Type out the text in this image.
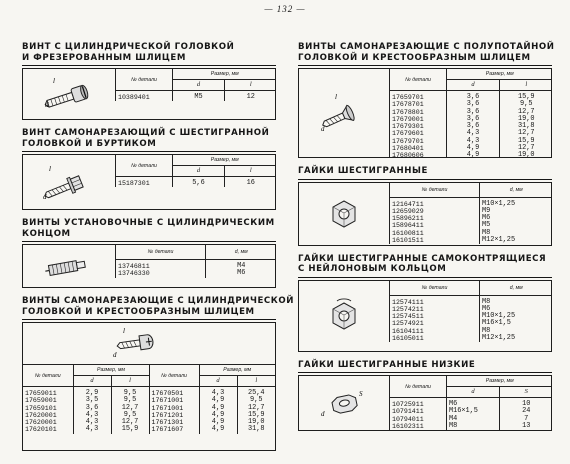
— 132 —
ВИНТ С ЦИЛИНДРИЧЕСКОЙ ГОЛОВКОЙ
И ФРЕЗЕРОВАННЫМ ШЛИЦЕМ
l
d
№ детали	Размер, мм	
	d	l

10389401	M5	12
ВИНТ САМОНАРЕЗАЮЩИЙ С ШЕСТИГРАННОЙ
ГОЛОВКОЙ И БУРТИКОМ
l
d
№ детали	Размер, мм	
	d	l

15187301	5,6	16
ВИНТЫ УСТАНОВОЧНЫЕ С ЦИЛИНДРИЧЕСКИМ
КОНЦОМ
№ детали	d, мм

13746811	M4
13746330	M6
ВИНТЫ САМОНАРЕЗАЮЩИЕ С ЦИЛИНДРИЧЕСКОЙ
ГОЛОВКОЙ И КРЕСТООБРАЗНЫМ ШЛИЦЕМ
l
d
№ детали	Размер, мм		№ детали	Размер, мм	
	d	l		d	l

17659011	2,9	9,5	17670501	4,3	25,4
17659001	3,5	9,5	17671001	4,9	9,5
17659101	3,6	12,7	17671001	4,9	12,7
17620001	4,3	9,5	17671201	4,9	15,9
17620001	4,3	12,7	17671301	4,9	19,0
17620101	4,3	15,9	17671607	4,9	31,8
ВИНТЫ САМОНАРЕЗАЮЩИЕ С ПОЛУПОТАЙНОЙ
ГОЛОВКОЙ И КРЕСТООБРАЗНЫМ ШЛИЦЕМ
l
d
№ детали	Размер, мм	
	d	l

17659701	3,6	15,9
17678701	3,6	9,5
17678801	3,6	12,7
17679001	3,6	19,0
17679301	3,6	31,8
17679601	4,3	12,7
17679701	4,3	15,9
17680401	4,9	12,7
17680606	4,9	19,0
ГАЙКИ ШЕСТИГРАННЫЕ
№ детали	d, мм

12164711	M10×1,25
12659029	M9
15896211	M6
15896411	M5
16100811	M8
16101511	M12×1,25
ГАЙКИ ШЕСТИГРАННЫЕ САМОКОНТРЯЩИЕСЯ
С НЕЙЛОНОВЫМ КОЛЬЦОМ
№ детали	d, мм

12574111	M8
12574211	M6
12574511	M10×1,25
12574921	M16×1,5
16104111	M8
16105011	M12×1,25
ГАЙКИ ШЕСТИГРАННЫЕ НИЗКИЕ
S
d
№ детали	Размер, мм	
	d	S

10725911	M6	10
10791411	M16×1,5	24
10794011	M4	7
16102311	M8	13
